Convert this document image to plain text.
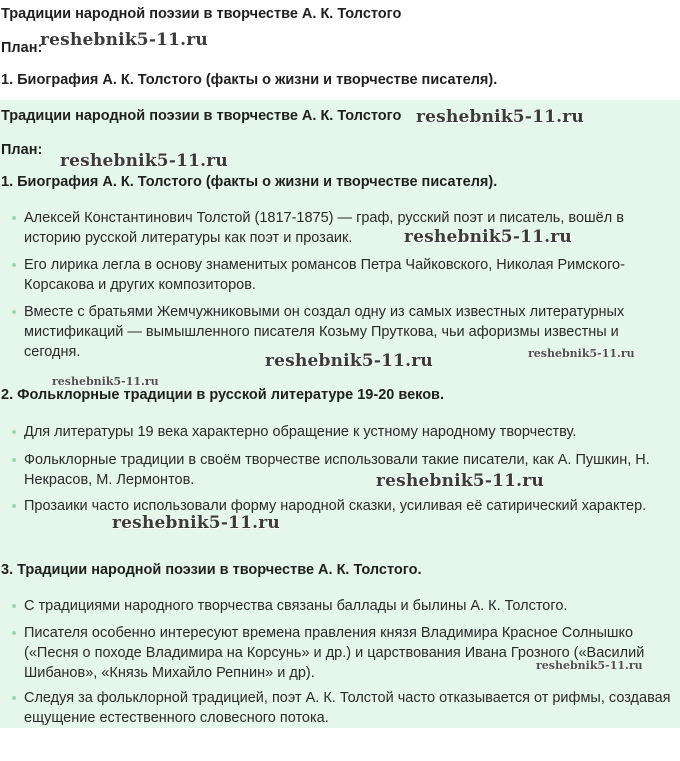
Традиции народной поэзии в творчестве А. К. Толстого
План:
reshebnik5-11.ru
1. Биография А. К. Толстого (факты о жизни и творчестве писателя).
Традиции народной поэзии в творчестве А. К. Толстого
План:
1. Биография А. К. Толстого (факты о жизни и творчестве писателя).
Алексей Константинович Толстой (1817-1875) — граф, русский поэт и писатель, вошёл в историю русской литературы как поэт и прозаик.
Его лирика легла в основу знаменитых романсов Петра Чайковского, Николая Римского-Корсакова и других композиторов.
Вместе с братьями Жемчужниковыми он создал одну из самых известных литературных мистификаций — вымышленного писателя Козьму Пруткова, чьи афоризмы известны и сегодня.
2. Фольклорные традиции в русской литературе 19-20 веков.
Для литературы 19 века характерно обращение к устному народному творчеству.
Фольклорные традиции в своём творчестве использовали такие писатели, как А. Пушкин, Н. Некрасов, М. Лермонтов.
Прозаики часто использовали форму народной сказки, усиливая её сатирический характер.
3. Традиции народной поэзии в творчестве А. К. Толстого.
С традициями народного творчества связаны баллады и былины А. К. Толстого.
Писателя особенно интересуют времена правления князя Владимира Красное Солнышко («Песня о походе Владимира на Корсунь» и др.) и царствования Ивана Грозного («Василий Шибанов», «Князь Михайло Репнин» и др).
Следуя за фольклорной традицией, поэт А. К. Толстой часто отказывается от рифмы, создавая ещущение естественного словесного потока.
reshebnik5-11.ru
reshebnik5-11.ru
reshebnik5-11.ru
reshebnik5-11.ru	reshebnik5-11.ru
reshebnik5-11.ru
reshebnik5-11.ru
reshebnik5-11.ru
reshebnik5-11.ru
